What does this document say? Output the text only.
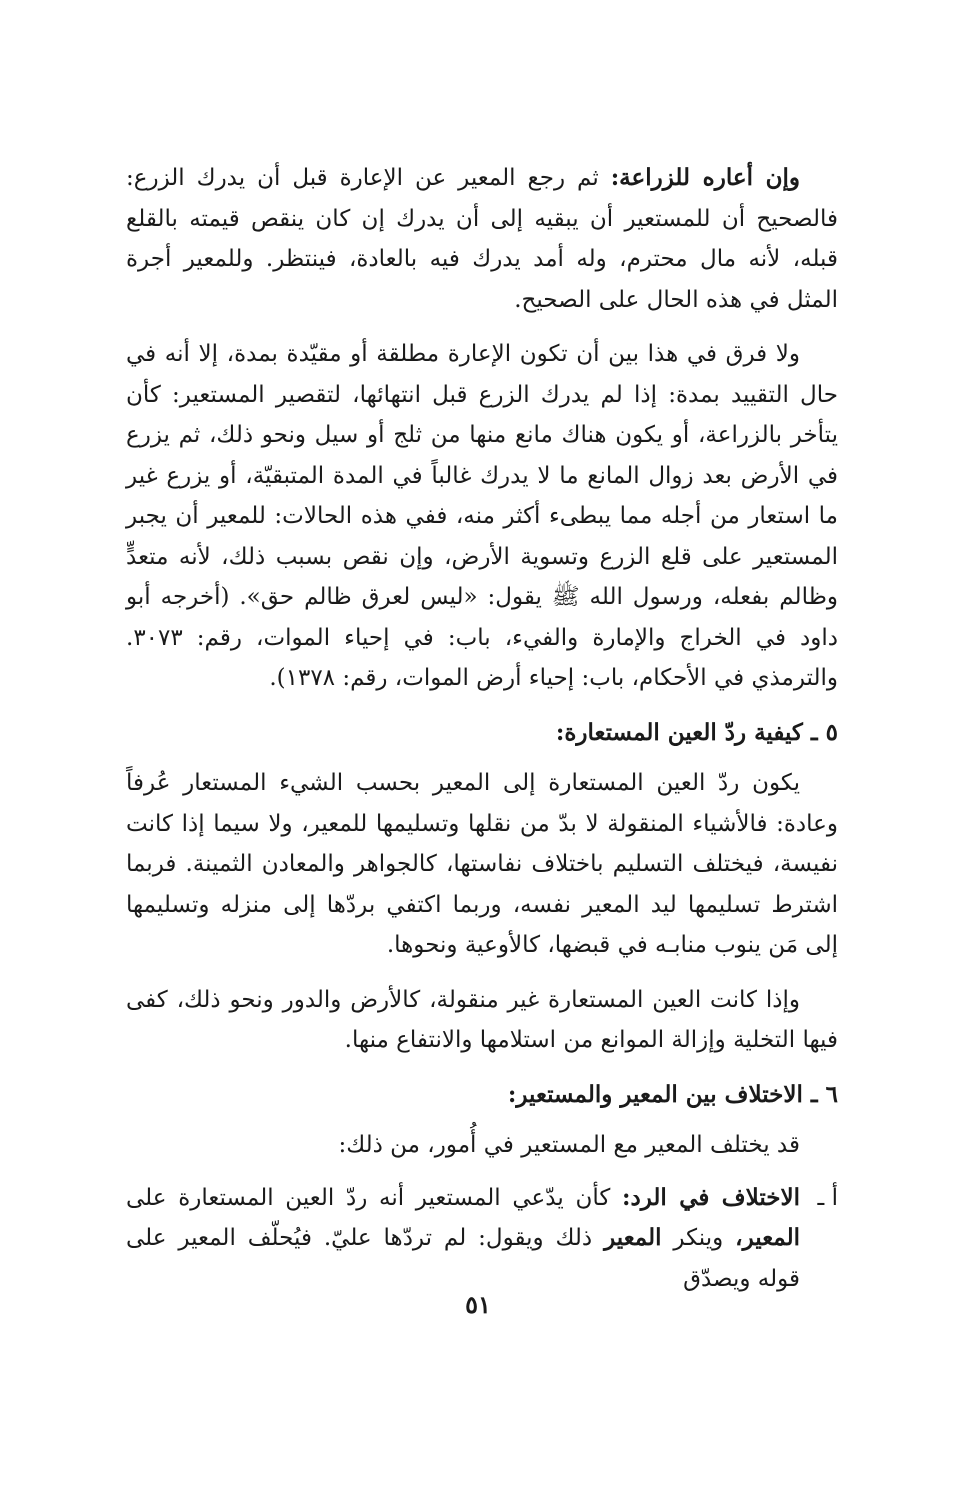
وإن أعاره للزراعة: ثم رجع المعير عن الإعارة قبل أن يدرك الزرع: فالصحيح أن للمستعير أن يبقيه إلى أن يدرك إن كان ينقص قيمته بالقلع قبله، لأنه مال محترم، وله أمد يدرك فيه بالعادة، فينتظر. وللمعير أجرة المثل في هذه الحال على الصحيح.

ولا فرق في هذا بين أن تكون الإعارة مطلقة أو مقيّدة بمدة، إلا أنه في حال التقييد بمدة: إذا لم يدرك الزرع قبل انتهائها، لتقصير المستعير: كأن يتأخر بالزراعة، أو يكون هناك مانع منها من ثلج أو سيل ونحو ذلك، ثم يزرع في الأرض بعد زوال المانع ما لا يدرك غالباً في المدة المتبقيّة، أو يزرع غير ما استعار من أجله مما يبطىء أكثر منه، ففي هذه الحالات: للمعير أن يجبر المستعير على قلع الزرع وتسوية الأرض، وإن نقص بسبب ذلك، لأنه متعدٍّ وظالم بفعله، ورسول الله ﷺ يقول: «ليس لعرق ظالم حق». (أخرجه أبو داود في الخراج والإمارة والفيء، باب: في إحياء الموات، رقم: ٣٠٧٣. والترمذي في الأحكام، باب: إحياء أرض الموات، رقم: ١٣٧٨).

٥ ـ كيفية ردّ العين المستعارة:

يكون ردّ العين المستعارة إلى المعير بحسب الشيء المستعار عُرفاً وعادة: فالأشياء المنقولة لا بدّ من نقلها وتسليمها للمعير، ولا سيما إذا كانت نفيسة، فيختلف التسليم باختلاف نفاستها، كالجواهر والمعادن الثمينة. فربما اشترط تسليمها ليد المعير نفسه، وربما اكتفي بردّها إلى منزله وتسليمها إلى مَن ينوب منابـه في قبضها، كالأوعية ونحوها.

وإذا كانت العين المستعارة غير منقولة، كالأرض والدور ونحو ذلك، كفى فيها التخلية وإزالة الموانع من استلامها والانتفاع منها.

٦ ـ الاختلاف بين المعير والمستعير:

قد يختلف المعير مع المستعير في أُمور، من ذلك:

أ ـ
الاختلاف في الرد: كأن يدّعي المستعير أنه ردّ العين المستعارة على المعير، وينكر المعير ذلك ويقول: لم تردّها عليّ. فيُحلّف المعير على قوله ويصدّق

٥١
